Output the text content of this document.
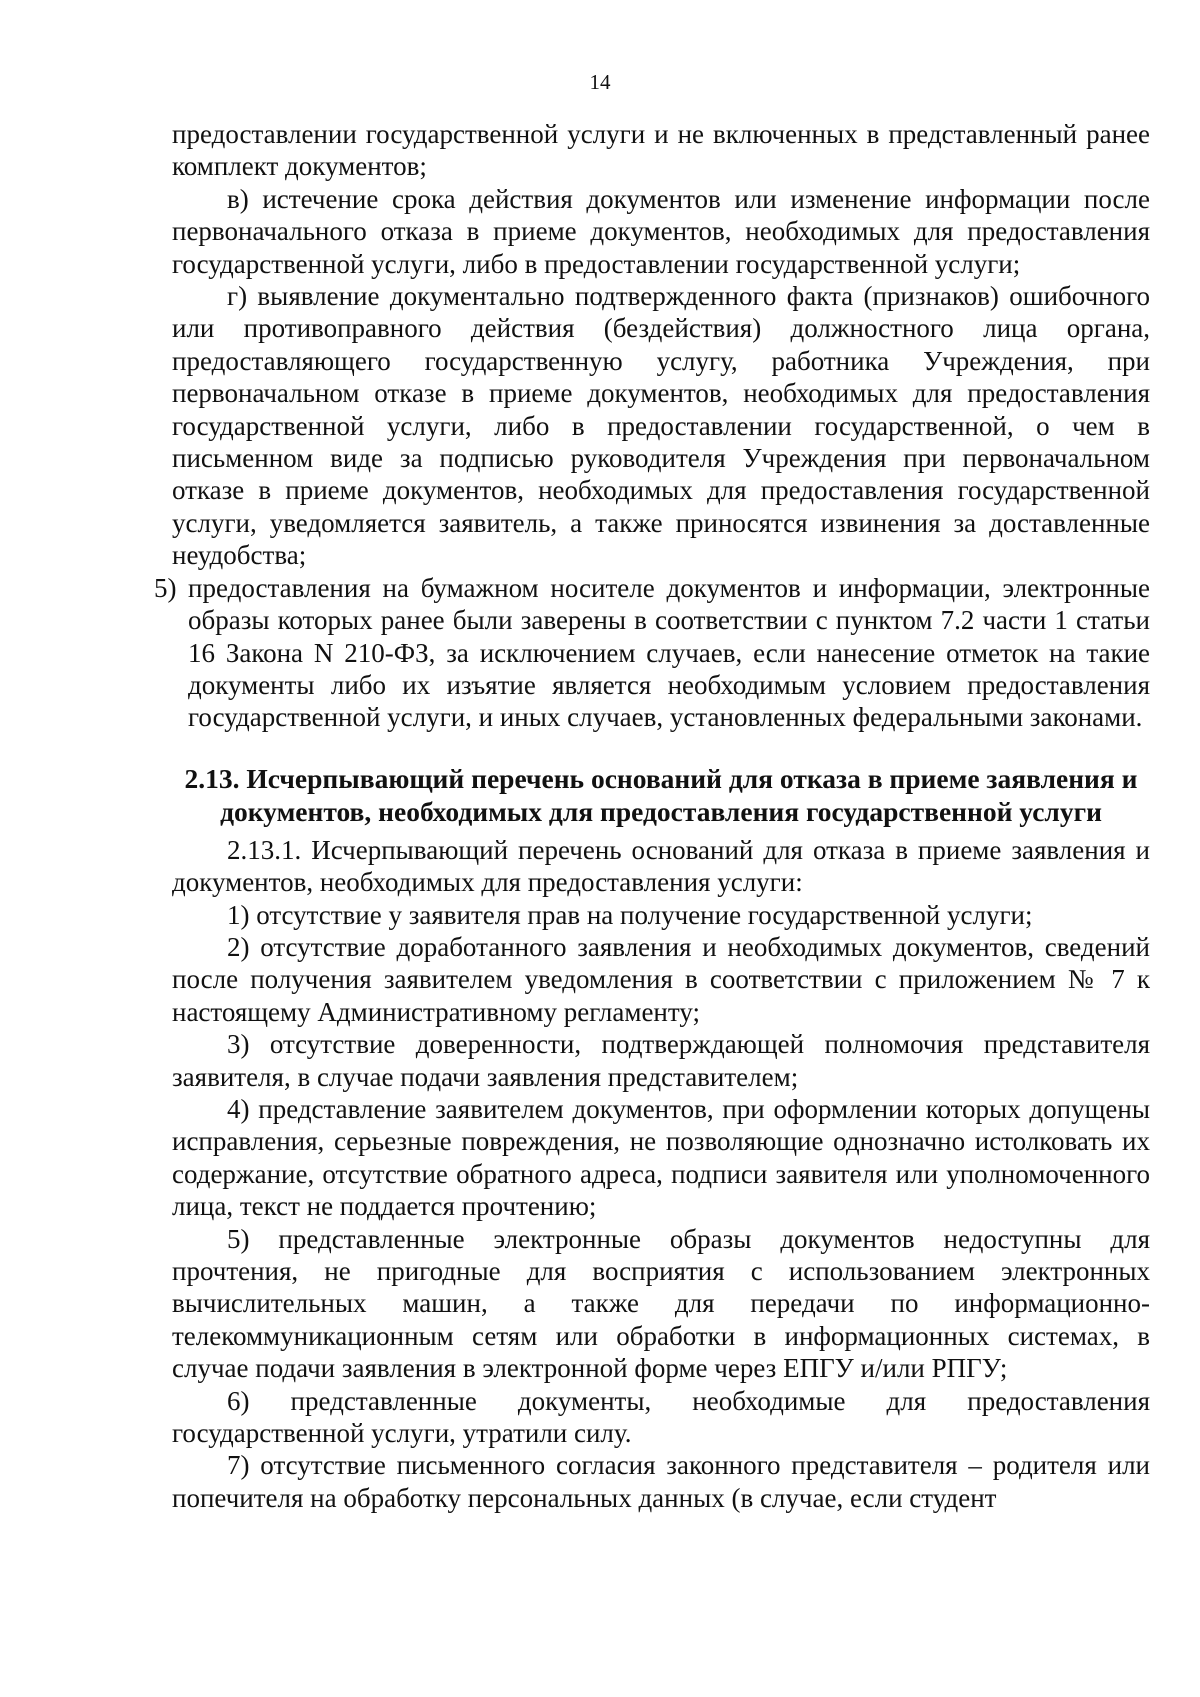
14

предоставлении государственной услуги и не включенных в представленный ранее комплект документов;

в) истечение срока действия документов или изменение информации после первоначального отказа в приеме документов, необходимых для предоставления государственной услуги, либо в предоставлении государственной услуги;

г) выявление документально подтвержденного факта (признаков) ошибочного или противоправного действия (бездействия) должностного лица органа, предоставляющего государственную услугу, работника Учреждения, при первоначальном отказе в приеме документов, необходимых для предоставления государственной услуги, либо в предоставлении государственной, о чем в письменном виде за подписью руководителя Учреждения при первоначальном отказе в приеме документов, необходимых для предоставления государственной услуги, уведомляется заявитель, а также приносятся извинения за доставленные неудобства;

5) предоставления на бумажном носителе документов и информации, электронные образы которых ранее были заверены в соответствии с пунктом 7.2 части 1 статьи 16 Закона N 210-ФЗ, за исключением случаев, если нанесение отметок на такие документы либо их изъятие является необходимым условием предоставления государственной услуги, и иных случаев, установленных федеральными законами.
2.13. Исчерпывающий перечень оснований для отказа в приеме заявления и документов, необходимых для предоставления государственной услуги

2.13.1. Исчерпывающий перечень оснований для отказа в приеме заявления и документов, необходимых для предоставления услуги:

1) отсутствие у заявителя прав на получение государственной услуги;

2) отсутствие доработанного заявления и необходимых документов, сведений после получения заявителем уведомления в соответствии с приложением № 7 к настоящему Административному регламенту;

3) отсутствие доверенности, подтверждающей полномочия представителя заявителя, в случае подачи заявления представителем;

4) представление заявителем документов, при оформлении которых допущены исправления, серьезные повреждения, не позволяющие однозначно истолковать их содержание, отсутствие обратного адреса, подписи заявителя или уполномоченного лица, текст не поддается прочтению;

5) представленные электронные образы документов недоступны для прочтения, не пригодные для восприятия с использованием электронных вычислительных машин, а также для передачи по информационно-телекоммуникационным сетям или обработки в информационных системах, в случае подачи заявления в электронной форме через ЕПГУ и/или РПГУ;

6) представленные документы, необходимые для предоставления государственной услуги, утратили силу.

7) отсутствие письменного согласия законного представителя – родителя или попечителя на обработку персональных данных (в случае, если студент
